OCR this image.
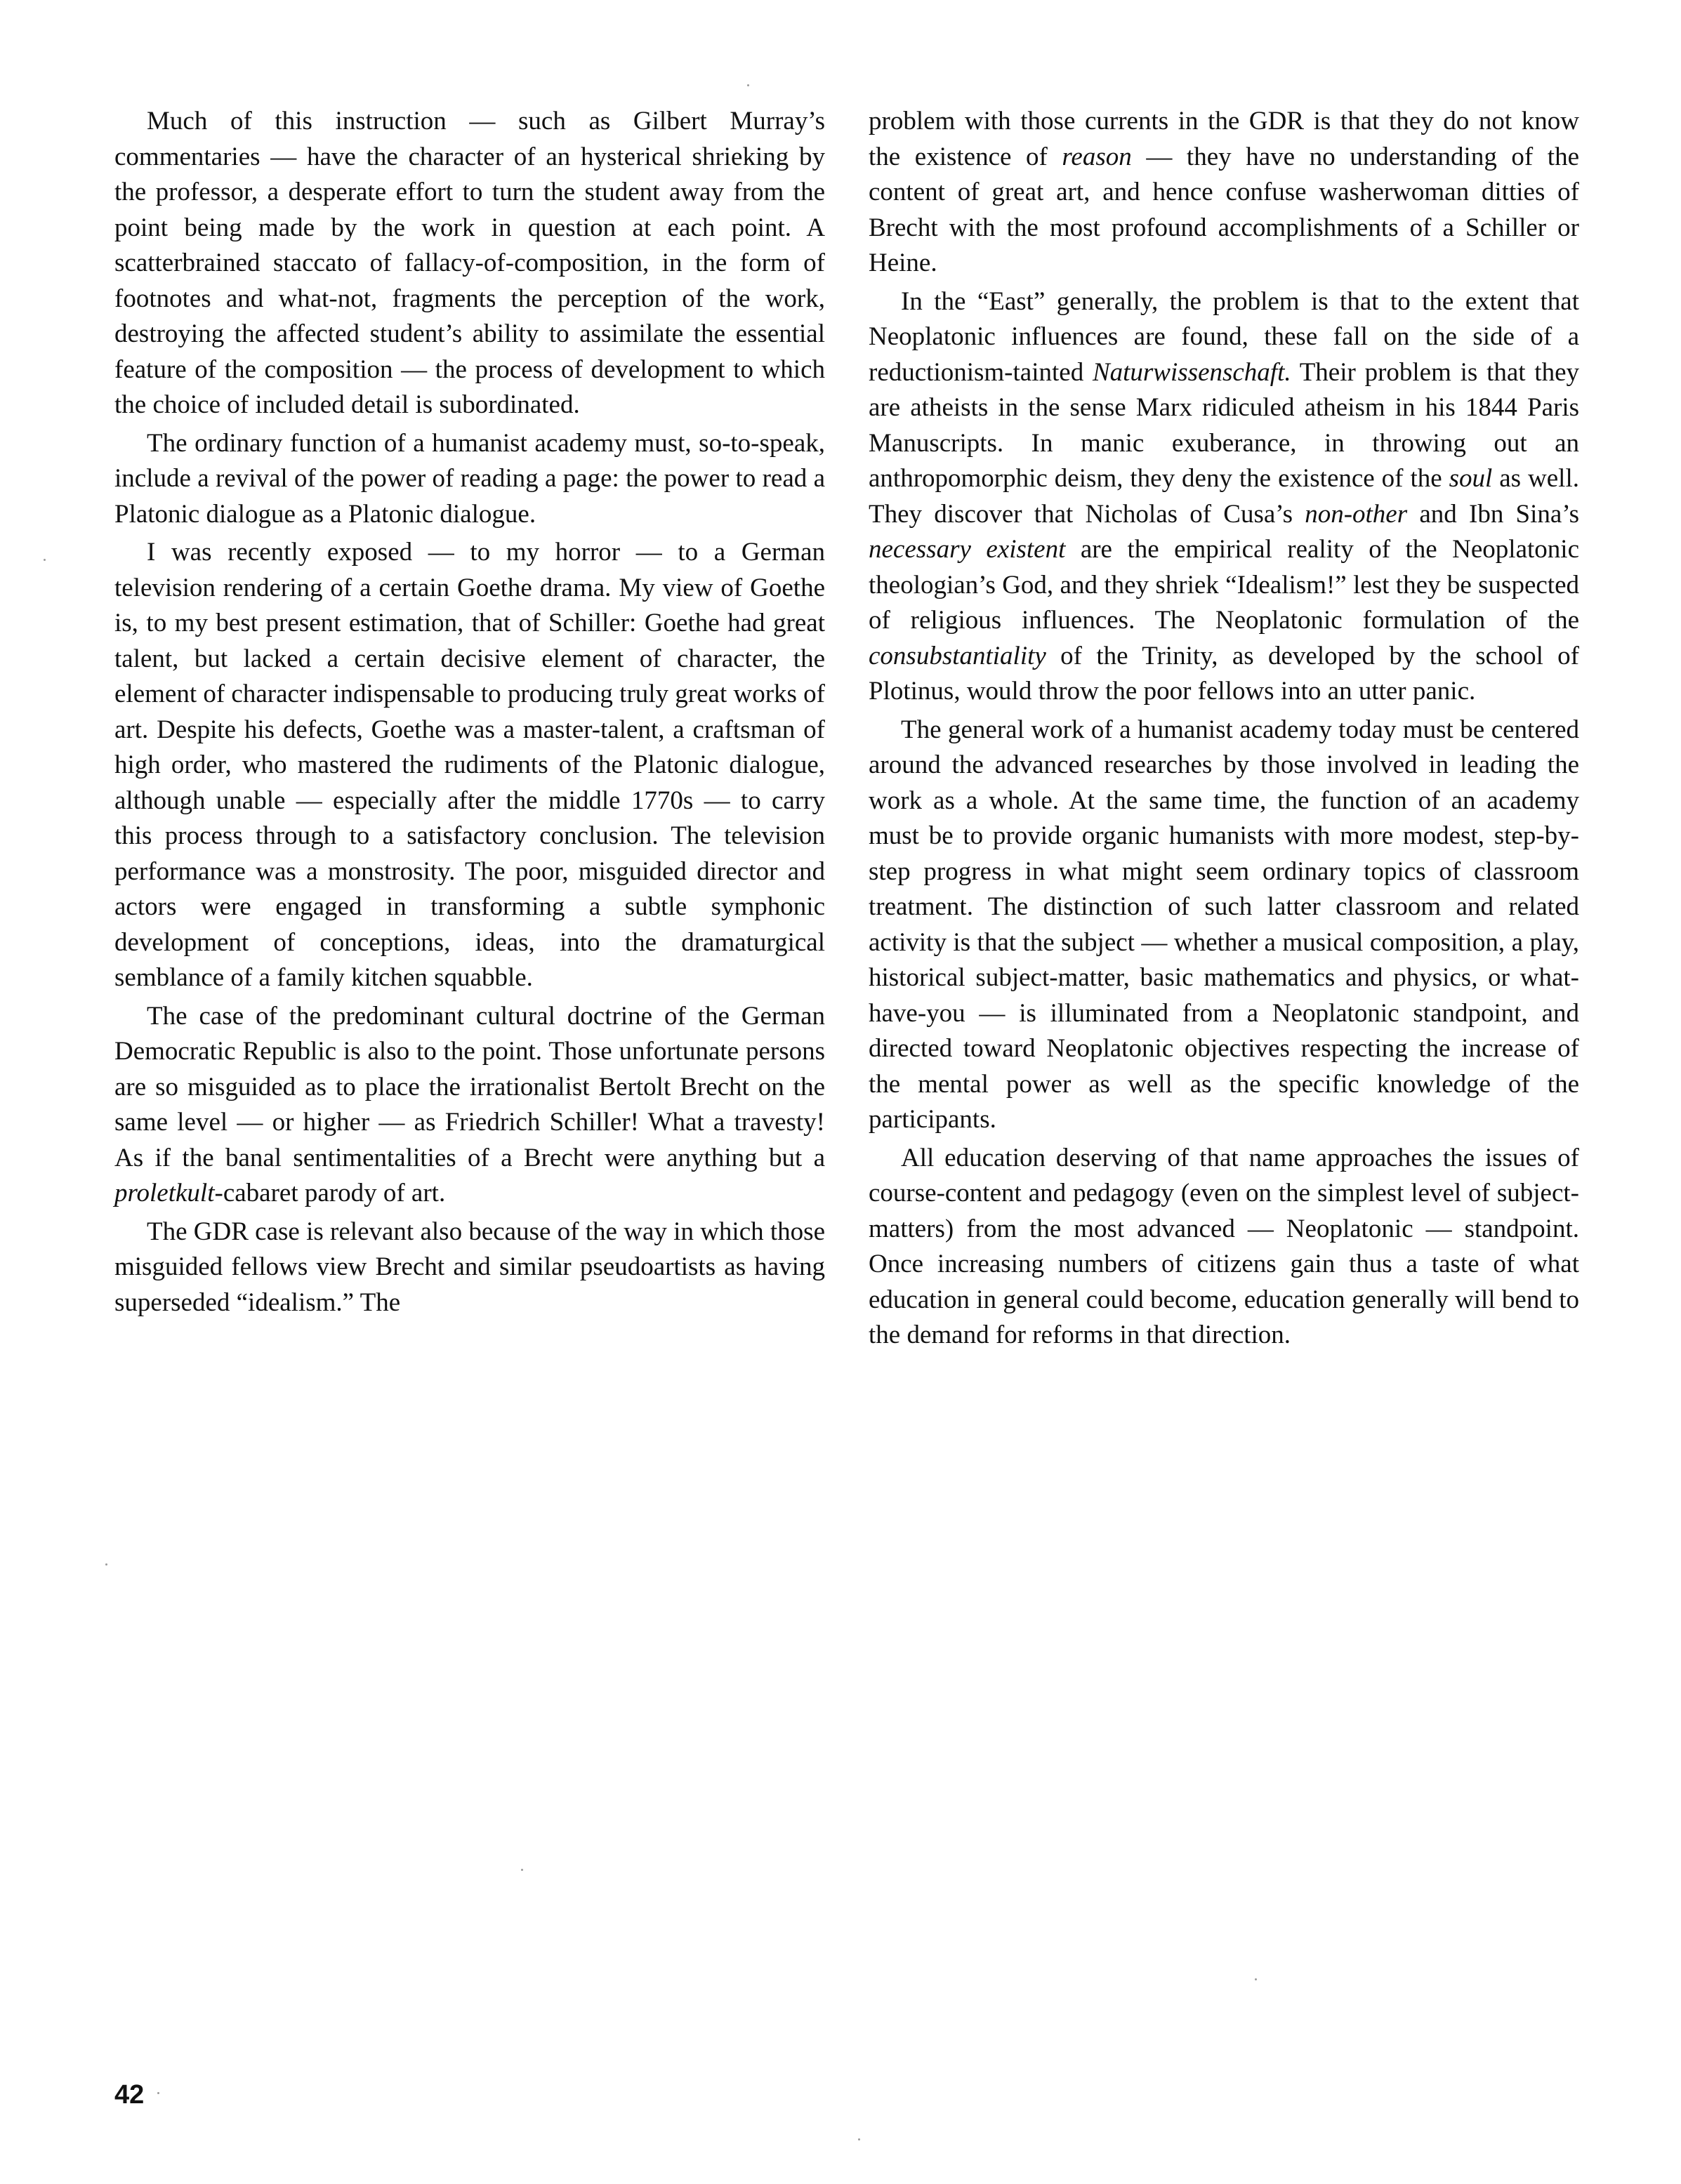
Much of this instruction — such as Gilbert Murray’s commentaries — have the character of an hysterical shrieking by the professor, a desperate effort to turn the student away from the point being made by the work in question at each point. A scatterbrained staccato of fallacy-of-composition, in the form of footnotes and what-not, fragments the perception of the work, destroying the affected student’s ability to assimilate the essential feature of the composition — the process of development to which the choice of included detail is subordinated.

The ordinary function of a humanist academy must, so-to-speak, include a revival of the power of reading a page: the power to read a Platonic dialogue as a Platonic dialogue.

I was recently exposed — to my horror — to a German television rendering of a certain Goethe drama. My view of Goethe is, to my best present estimation, that of Schiller: Goethe had great talent, but lacked a certain decisive element of character, the element of character indispensable to producing truly great works of art. Despite his defects, Goethe was a master-talent, a craftsman of high order, who mastered the rudiments of the Platonic dialogue, although unable — especially after the middle 1770s — to carry this process through to a satisfactory conclusion. The television performance was a monstrosity. The poor, misguided director and actors were engaged in transforming a subtle symphonic development of conceptions, ideas, into the dramaturgical semblance of a family kitchen squabble.

The case of the predominant cultural doctrine of the German Democratic Republic is also to the point. Those unfortunate persons are so misguided as to place the irrationalist Bertolt Brecht on the same level — or higher — as Friedrich Schiller! What a travesty! As if the banal sentimentalities of a Brecht were anything but a proletkult-cabaret parody of art.

The GDR case is relevant also because of the way in which those misguided fellows view Brecht and similar pseudoartists as having superseded “idealism.” The

problem with those currents in the GDR is that they do not know the existence of reason — they have no understanding of the content of great art, and hence confuse washerwoman ditties of Brecht with the most profound accomplishments of a Schiller or Heine.

In the “East” generally, the problem is that to the extent that Neoplatonic influences are found, these fall on the side of a reductionism-tainted Naturwissenschaft. Their problem is that they are atheists in the sense Marx ridiculed atheism in his 1844 Paris Manuscripts. In manic exuberance, in throwing out an anthropomorphic deism, they deny the existence of the soul as well. They discover that Nicholas of Cusa’s non-other and Ibn Sina’s necessary existent are the empirical reality of the Neoplatonic theologian’s God, and they shriek “Idealism!” lest they be suspected of religious influences. The Neoplatonic formulation of the consubstantiality of the Trinity, as developed by the school of Plotinus, would throw the poor fellows into an utter panic.

The general work of a humanist academy today must be centered around the advanced researches by those involved in leading the work as a whole. At the same time, the function of an academy must be to provide organic humanists with more modest, step-by-step progress in what might seem ordinary topics of classroom treatment. The distinction of such latter classroom and related activity is that the subject — whether a musical composition, a play, historical subject-matter, basic mathematics and physics, or what-have-you — is illuminated from a Neoplatonic standpoint, and directed toward Neoplatonic objectives respecting the increase of the mental power as well as the specific knowledge of the participants.

All education deserving of that name approaches the issues of course-content and pedagogy (even on the simplest level of subject-matters) from the most advanced — Neoplatonic — standpoint. Once increasing numbers of citizens gain thus a taste of what education in general could become, education generally will bend to the demand for reforms in that direction.

42
